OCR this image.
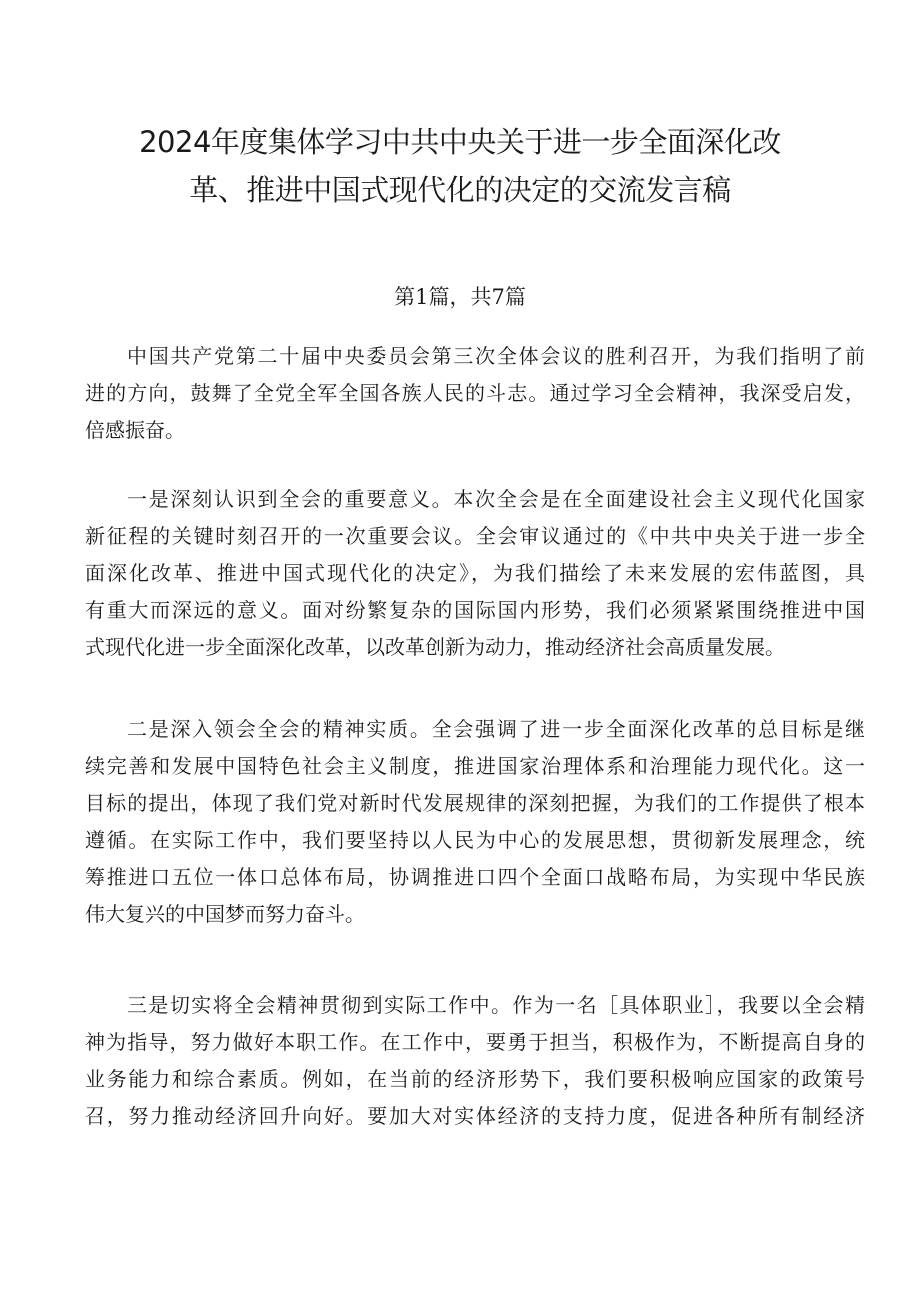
2024年度集体学习中共中央关于进一步全面深化改
革、推进中国式现代化的决定的交流发言稿
第1篇，共7篇
中国共产党第二十届中央委员会第三次全体会议的胜利召开，为我们指明了前
进的方向，鼓舞了全党全军全国各族人民的斗志。通过学习全会精神，我深受启发，
倍感振奋。
一是深刻认识到全会的重要意义。本次全会是在全面建设社会主义现代化国家
新征程的关键时刻召开的一次重要会议。全会审议通过的《中共中央关于进一步全
面深化改革、推进中国式现代化的决定》，为我们描绘了未来发展的宏伟蓝图，具
有重大而深远的意义。面对纷繁复杂的国际国内形势，我们必须紧紧围绕推进中国
式现代化进一步全面深化改革，以改革创新为动力，推动经济社会高质量发展。
二是深入领会全会的精神实质。全会强调了进一步全面深化改革的总目标是继
续完善和发展中国特色社会主义制度，推进国家治理体系和治理能力现代化。这一
目标的提出，体现了我们党对新时代发展规律的深刻把握，为我们的工作提供了根本
遵循。在实际工作中，我们要坚持以人民为中心的发展思想，贯彻新发展理念，统
筹推进口五位一体口总体布局，协调推进口四个全面口战略布局，为实现中华民族
伟大复兴的中国梦而努力奋斗。
三是切实将全会精神贯彻到实际工作中。作为一名［具体职业］，我要以全会精
神为指导，努力做好本职工作。在工作中，要勇于担当，积极作为，不断提高自身的
业务能力和综合素质。例如，在当前的经济形势下，我们要积极响应国家的政策号
召，努力推动经济回升向好。要加大对实体经济的支持力度，促进各种所有制经济
